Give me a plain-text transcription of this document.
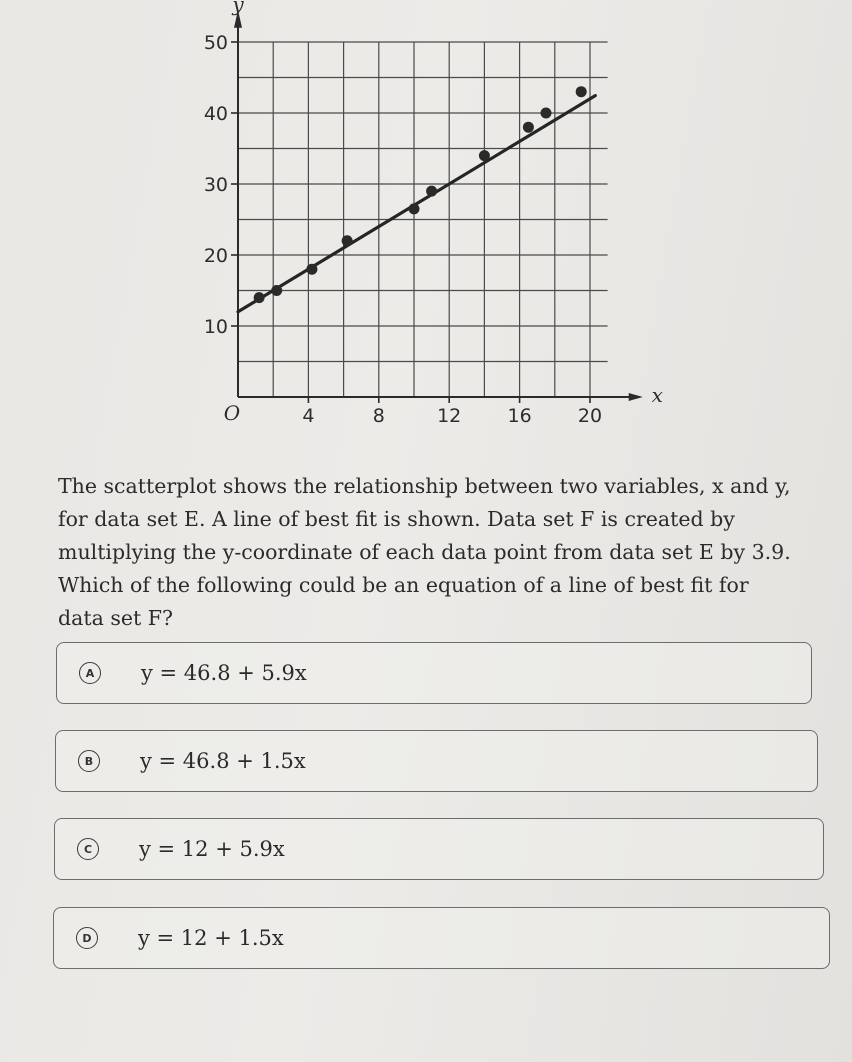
10
20
30
40
50
4	8	12 16 20
y
x
O

The scatterplot shows the relationship between two variables, x and y, for data set E. A line of best fit is shown. Data set F is created by multiplying the y-coordinate of each data point from data set E by 3.9. Which of the following could be an equation of a line of best fit for data set F?

A	y = 46.8 + 5.9x
B	y = 46.8 + 1.5x
C	y = 12 + 5.9x
D	y = 12 + 1.5x
